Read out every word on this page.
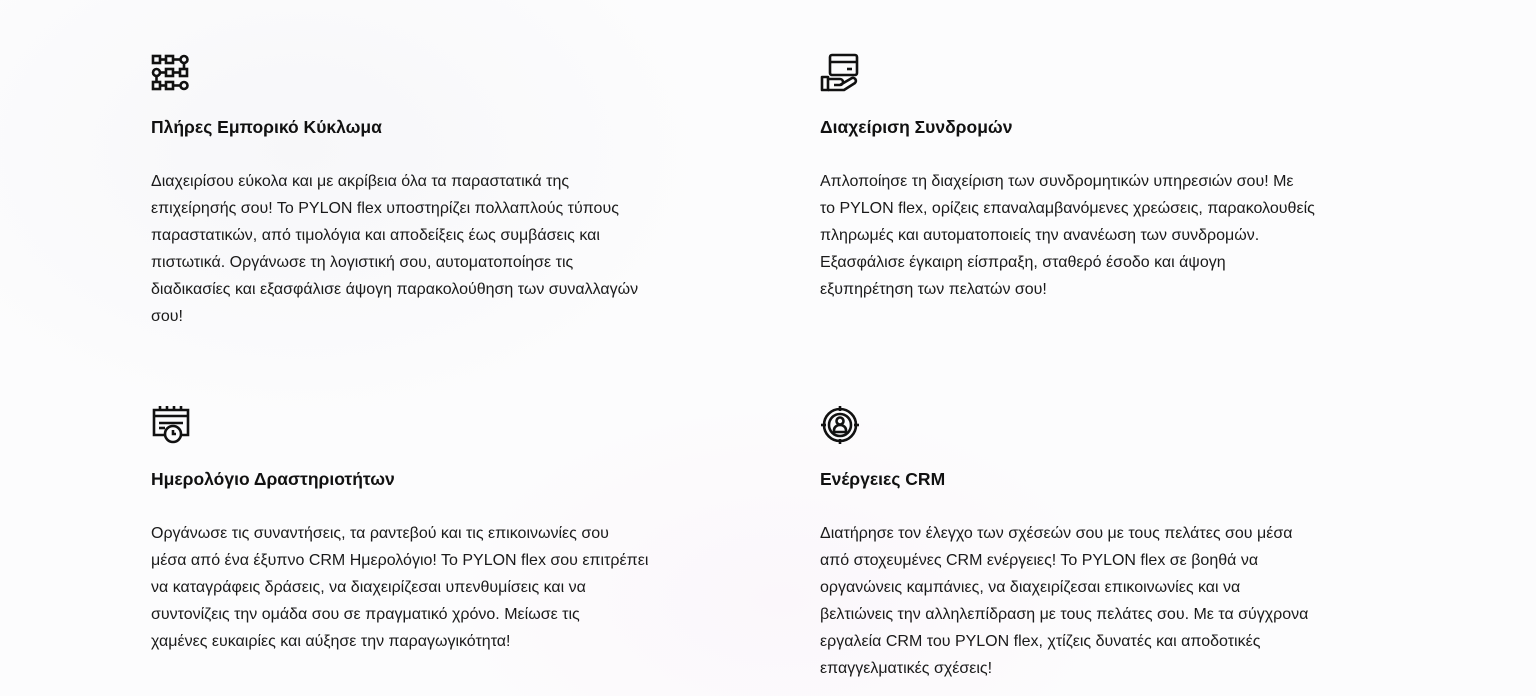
Πλήρες Εμπορικό Κύκλωμα
Διαχειρίσου εύκολα και με ακρίβεια όλα τα παραστατικά της
επιχείρησής σου! Το PYLON flex υποστηρίζει πολλαπλούς τύπους
παραστατικών, από τιμολόγια και αποδείξεις έως συμβάσεις και
πιστωτικά. Οργάνωσε τη λογιστική σου, αυτοματοποίησε τις
διαδικασίες και εξασφάλισε άψογη παρακολούθηση των συναλλαγών
σου!
Διαχείριση Συνδρομών
Απλοποίησε τη διαχείριση των συνδρομητικών υπηρεσιών σου! Με
το PYLON flex, ορίζεις επαναλαμβανόμενες χρεώσεις, παρακολουθείς
πληρωμές και αυτοματοποιείς την ανανέωση των συνδρομών.
Εξασφάλισε έγκαιρη είσπραξη, σταθερό έσοδο και άψογη
εξυπηρέτηση των πελατών σου!
Ημερολόγιο Δραστηριοτήτων
Οργάνωσε τις συναντήσεις, τα ραντεβού και τις επικοινωνίες σου
μέσα από ένα έξυπνο CRM Ημερολόγιο! Το PYLON flex σου επιτρέπει
να καταγράφεις δράσεις, να διαχειρίζεσαι υπενθυμίσεις και να
συντονίζεις την ομάδα σου σε πραγματικό χρόνο. Μείωσε τις
χαμένες ευκαιρίες και αύξησε την παραγωγικότητα!
Ενέργειες CRM
Διατήρησε τον έλεγχο των σχέσεών σου με τους πελάτες σου μέσα
από στοχευμένες CRM ενέργειες! Το PYLON flex σε βοηθά να
οργανώνεις καμπάνιες, να διαχειρίζεσαι επικοινωνίες και να
βελτιώνεις την αλληλεπίδραση με τους πελάτες σου. Με τα σύγχρονα
εργαλεία CRM του PYLON flex, χτίζεις δυνατές και αποδοτικές
επαγγελματικές σχέσεις!
